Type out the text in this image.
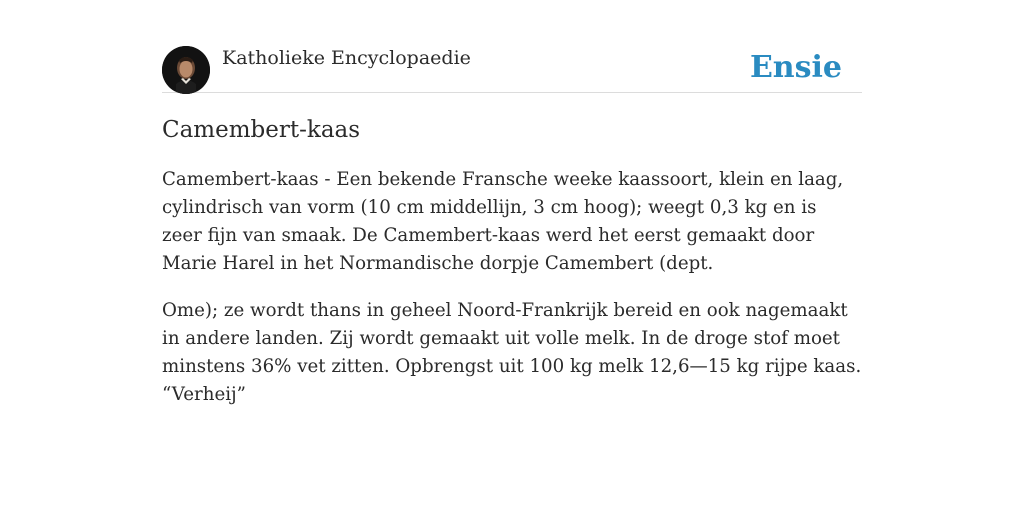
Katholieke Encyclopaedie	Ensie
Camembert-kaas

Camembert-kaas - Een bekende Fransche weeke kaassoort, klein en laag, cylindrisch van vorm (10 cm middellijn, 3 cm hoog); weegt 0,3 kg en is zeer fijn van smaak. De Camembert-kaas werd het eerst gemaakt door Marie Harel in het Normandische dorpje Camembert (dept.

Ome); ze wordt thans in geheel Noord-Frankrijk bereid en ook nagemaakt in andere landen. Zij wordt gemaakt uit volle melk. In de droge stof moet minstens 36% vet zitten. Opbrengst uit 100 kg melk 12,6—15 kg rijpe kaas. “Verheij”
